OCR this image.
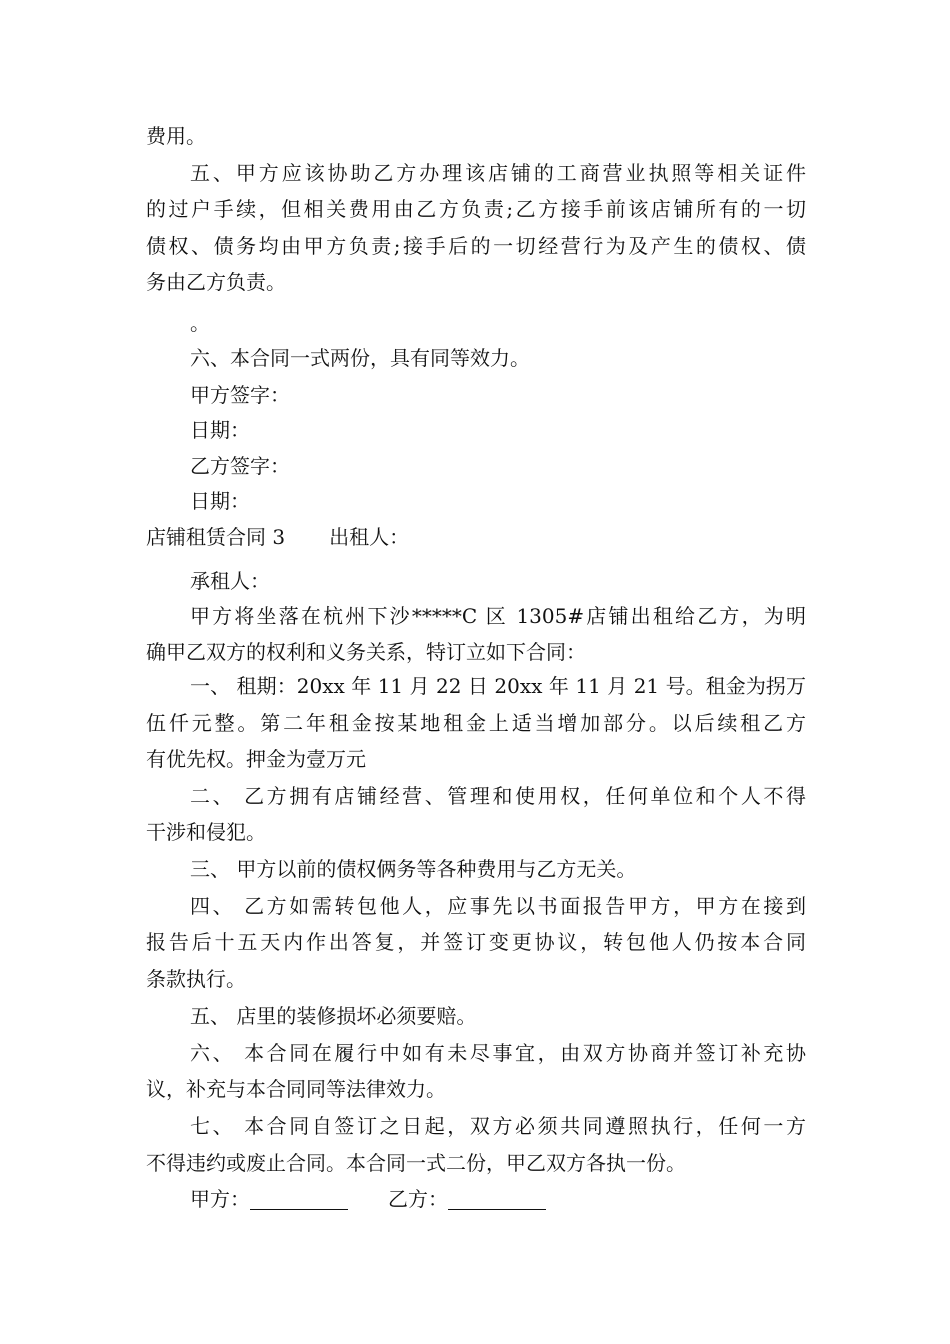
费用。
五、甲方应该协助乙方办理该店铺的工商营业执照等相关证件
的过户手续，但相关费用由乙方负责;乙方接手前该店铺所有的一切
债权、债务均由甲方负责;接手后的一切经营行为及产生的债权、债
务由乙方负责。
。
六、本合同一式两份，具有同等效力。
甲方签字：
日期：
乙方签字：
日期：
承租人：
甲方将坐落在杭州下沙*****C 区 1305#店铺出租给乙方，为明
确甲乙双方的权利和义务关系，特订立如下合同：
一、 租期：20xx 年 11 月 22 日 20xx 年 11 月 21 号。租金为拐万
伍仟元整。第二年租金按某地租金上适当增加部分。以后续租乙方
有优先权。押金为壹万元
二、 乙方拥有店铺经营、管理和使用权，任何单位和个人不得
干涉和侵犯。
三、 甲方以前的债权俩务等各种费用与乙方无关。
四、 乙方如需转包他人，应事先以书面报告甲方，甲方在接到
报告后十五天内作出答复，并签订变更协议，转包他人仍按本合同
条款执行。
五、 店里的装修损坏必须要赔。
六、 本合同在履行中如有未尽事宜，由双方协商并签订补充协
议，补充与本合同同等法律效力。
七、 本合同自签订之日起，双方必须共同遵照执行，任何一方
不得违约或废止合同。本合同一式二份，甲乙双方各执一份。
店铺租赁合同 3 出租人：
甲方：	乙方：
